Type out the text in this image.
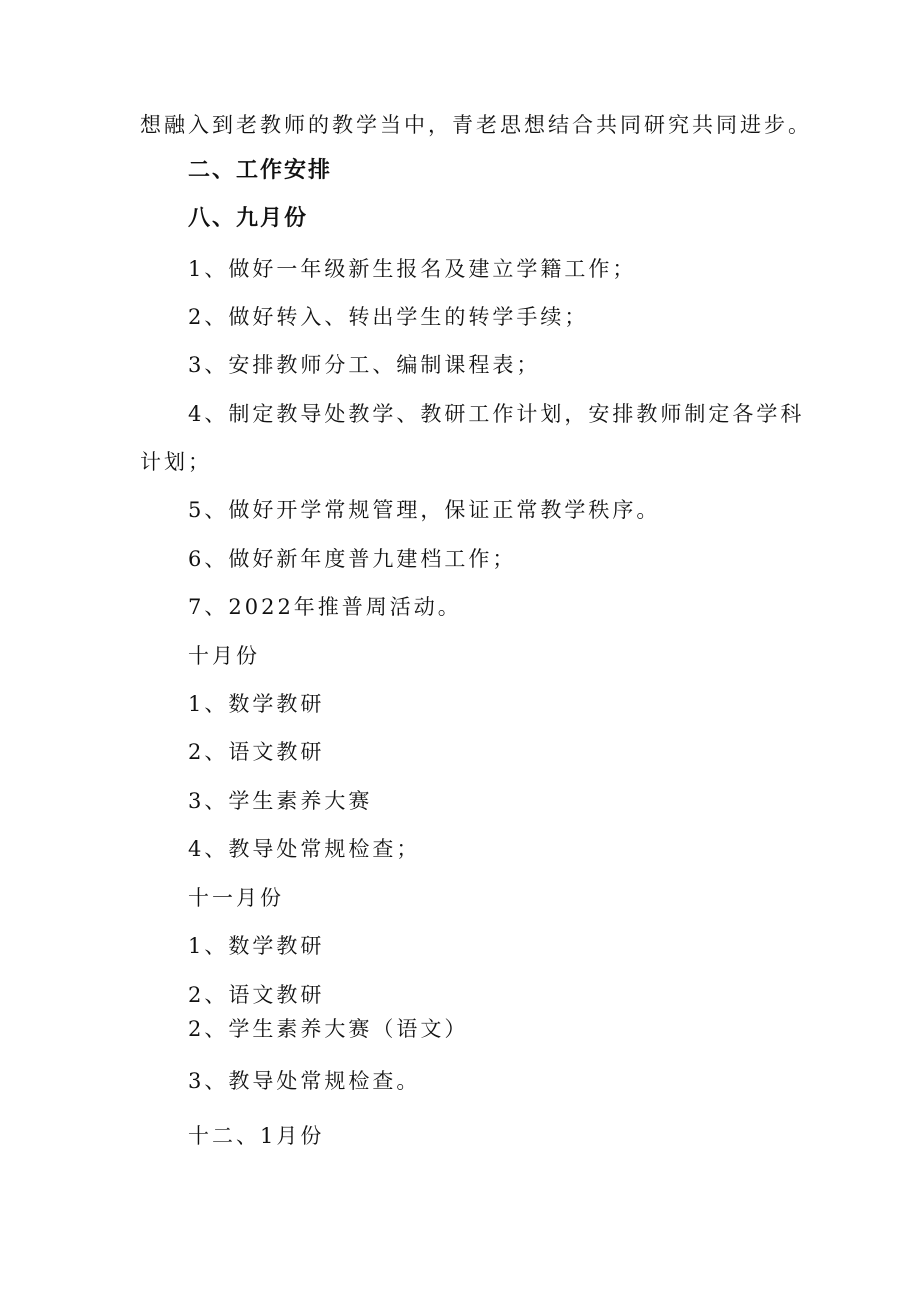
想融入到老教师的教学当中，青老思想结合共同研究共同进步。
二、工作安排
八、九月份
1、做好一年级新生报名及建立学籍工作；
2、做好转入、转出学生的转学手续；
3、安排教师分工、编制课程表；
4、制定教导处教学、教研工作计划，安排教师制定各学科
计划；
5、做好开学常规管理，保证正常教学秩序。
6、做好新年度普九建档工作；
7、2022年推普周活动。
十月份
1、数学教研
2、语文教研
3、学生素养大赛
4、教导处常规检查；
十一月份
1、数学教研
2、语文教研
2、学生素养大赛（语文）
3、教导处常规检查。
十二、1月份
